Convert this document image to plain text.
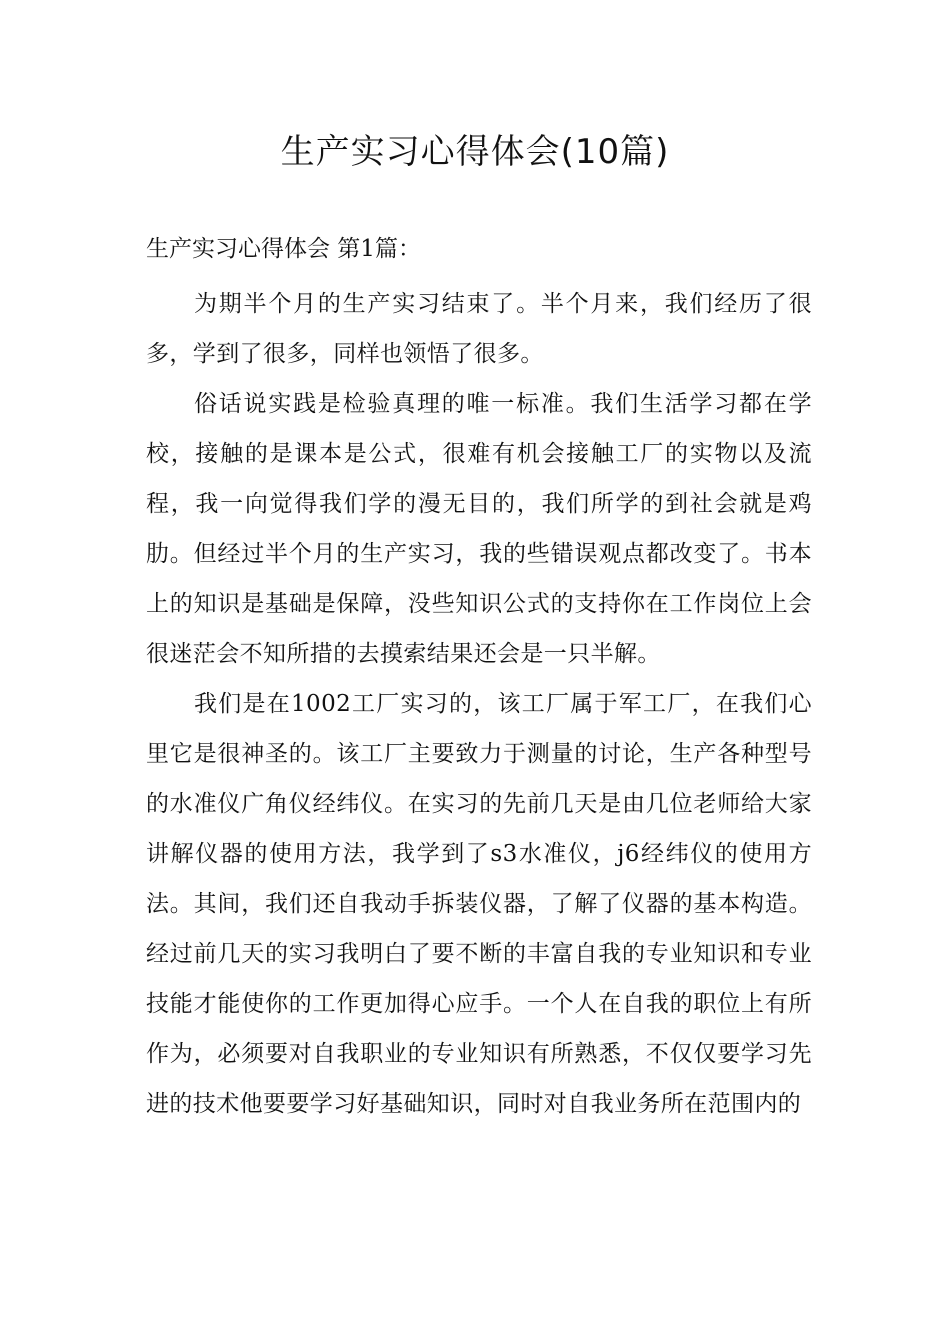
生产实习心得体会(10篇)

生产实习心得体会 第1篇：

为期半个月的生产实习结束了。半个月来，我们经历了很多，学到了很多，同样也领悟了很多。

俗话说实践是检验真理的唯一标准。我们生活学习都在学校，接触的是课本是公式，很难有机会接触工厂的实物以及流程，我一向觉得我们学的漫无目的，我们所学的到社会就是鸡肋。但经过半个月的生产实习，我的些错误观点都改变了。书本上的知识是基础是保障，没些知识公式的支持你在工作岗位上会很迷茫会不知所措的去摸索结果还会是一只半解。

我们是在1002工厂实习的，该工厂属于军工厂，在我们心里它是很神圣的。该工厂主要致力于测量的讨论，生产各种型号的水准仪广角仪经纬仪。在实习的先前几天是由几位老师给大家讲解仪器的使用方法，我学到了s3水准仪，j6经纬仪的使用方法。其间，我们还自我动手拆装仪器，了解了仪器的基本构造。经过前几天的实习我明白了要不断的丰富自我的专业知识和专业技能才能使你的工作更加得心应手。一个人在自我的职位上有所作为，必须要对自我职业的专业知识有所熟悉，不仅仅要学习先进的技术他要要学习好基础知识，同时对自我业务所在范围内的
